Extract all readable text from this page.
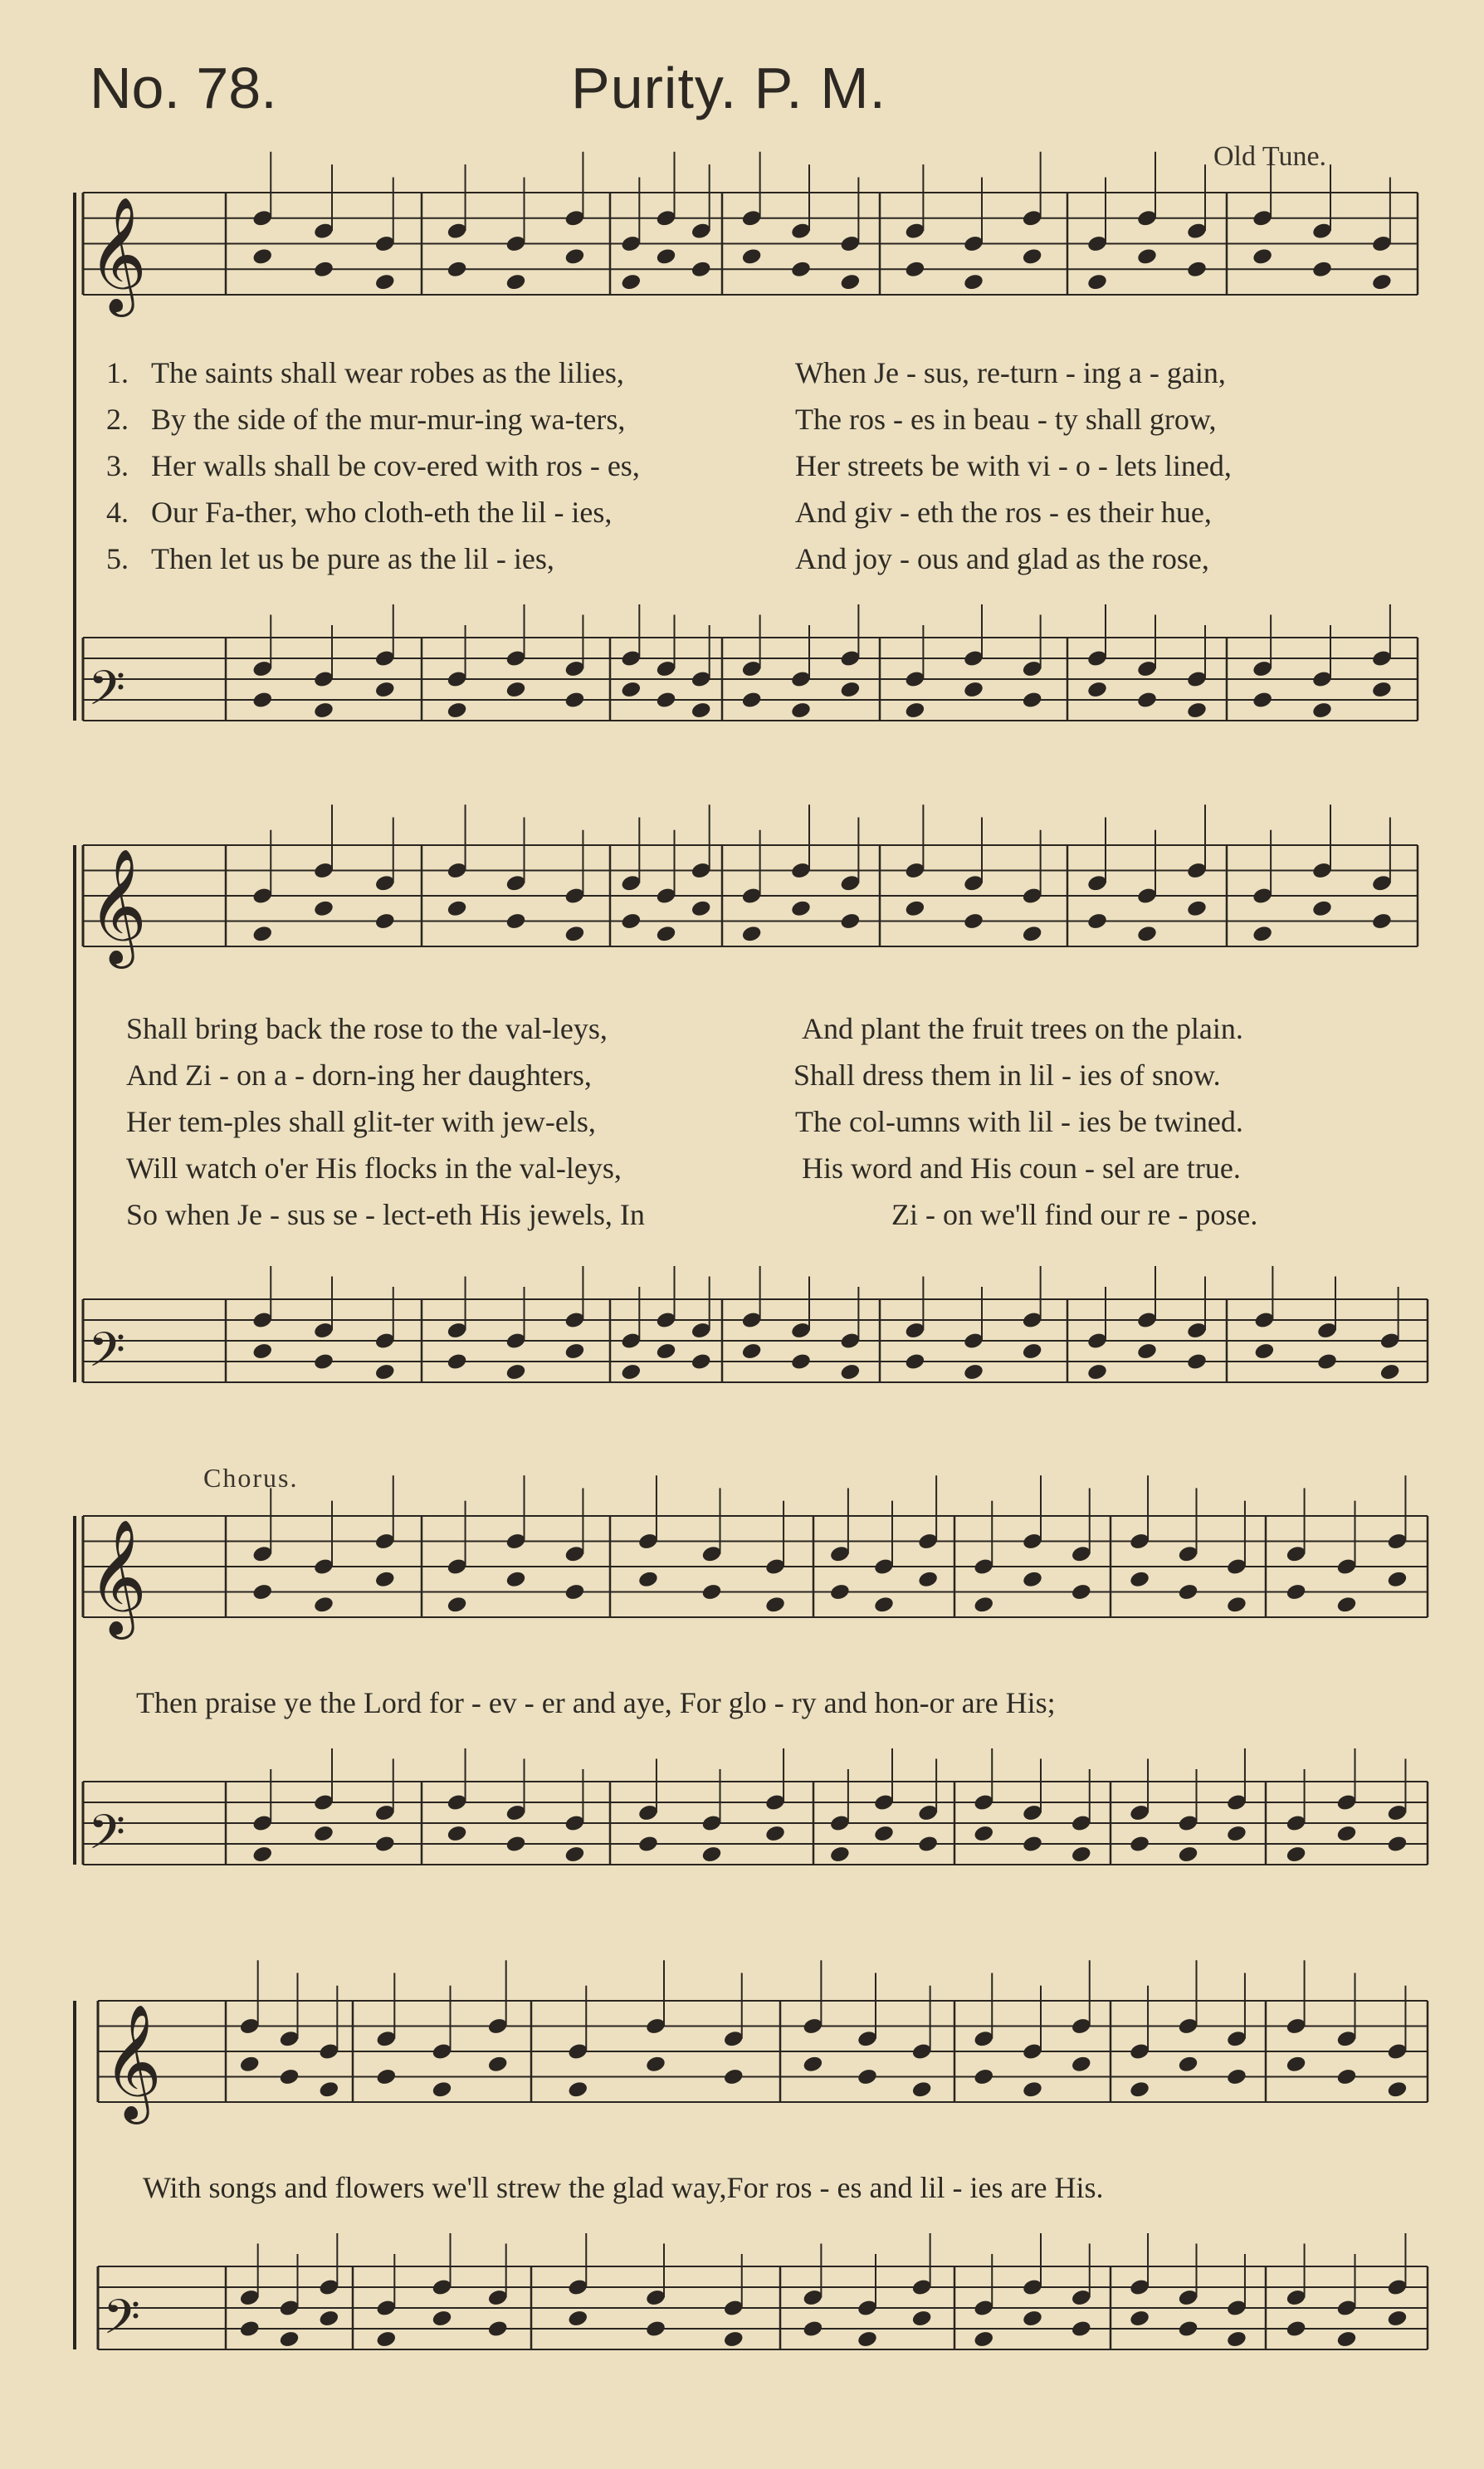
No. 78.	Purity. P. M.
Old Tune.
𝄞
𝄢
𝄞
𝄢
𝄞
𝄢
𝄞
𝄢
1. The saints shall wear robes as the lilies,	When Je - sus, re-turn - ing a - gain,
2. By the side of the mur-mur-ing wa-ters,	The ros - es in beau - ty shall grow,
3. Her walls shall be cov-ered with ros - es,	Her streets be with vi - o - lets lined,
4. Our Fa-ther, who cloth-eth the lil - ies,	And giv - eth the ros - es their hue,
5. Then let us be pure as the lil - ies,	And joy - ous and glad as the rose,
Shall bring back the rose to the val-leys,	And plant the fruit trees on the plain.
And Zi - on a - dorn-ing her daughters,	Shall dress them in lil - ies of snow.
Her tem-ples shall glit-ter with jew-els,	The col-umns with lil - ies be twined.
Will watch o'er His flocks in the val-leys,	His word and His coun - sel are true.
So when Je - sus se - lect-eth His jewels, In	Zi - on we'll find our re - pose.
Chorus.
Then praise ye the Lord for - ev - er and aye, For glo - ry and hon-or are His;
With songs and flowers we'll strew the glad way,For ros - es and lil - ies are His.
